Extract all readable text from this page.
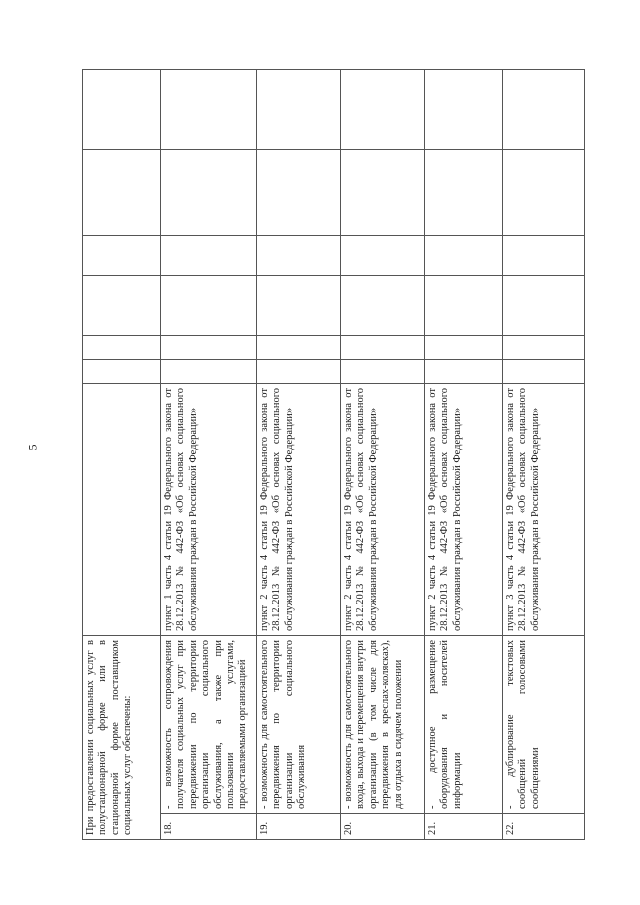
5
При предоставлении социальных услуг в полустационарной форме или в стационарной форме поставщиком социальных услуг обеспечены:								
18.	- возможность сопровождения получателя социальных услуг при передвижении по территории организации социального обслуживания, а также при пользовании услугами, предоставляемыми организацией	пункт 1 часть 4 статьи 19 Федерального закона от 28.12.2013 № 442-ФЗ «Об основах социального обслуживания граждан в Российской Федерации»						
19.	- возможность для самостоятельного передвижения по территории организации социального обслуживания	пункт 2 часть 4 статьи 19 Федерального закона от 28.12.2013 № 442-ФЗ «Об основах социального обслуживания граждан в Российской Федерации»						
20.	- возможность для самостоятельного входа, выхода и перемещения внутри организации (в том числе для передвижения в креслах-колясках), для отдыха в сидячем положении	пункт 2 часть 4 статьи 19 Федерального закона от 28.12.2013 № 442-ФЗ «Об основах социального обслуживания граждан в Российской Федерации»						
21.	- доступное размещение оборудования и носителей информации	пункт 2 часть 4 статьи 19 Федерального закона от 28.12.2013 № 442-ФЗ «Об основах социального обслуживания граждан в Российской Федерации»						
22.	- дублирование текстовых сообщений голосовыми сообщениями	пункт 3 часть 4 статьи 19 Федерального закона от 28.12.2013 № 442-ФЗ «Об основах социального обслуживания граждан в Российской Федерации»						
